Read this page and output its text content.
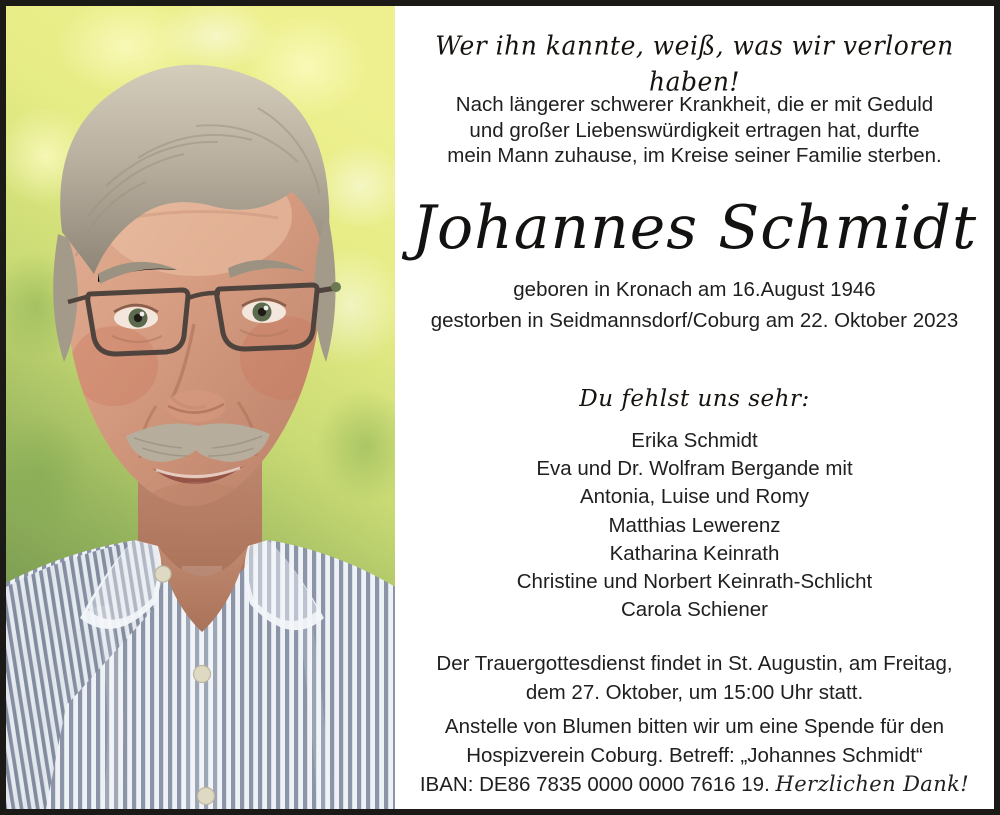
Wer ihn kannte, weiß, was wir verloren haben!
Nach längerer schwerer Krankheit, die er mit Geduld
und großer Liebenswürdigkeit ertragen hat, durfte
mein Mann zuhause, im Kreise seiner Familie sterben.
Johannes Schmidt
geboren in Kronach am 16.August 1946
gestorben in Seidmannsdorf/Coburg am 22. Oktober 2023
Du fehlst uns sehr:
Erika Schmidt
Eva und Dr. Wolfram Bergande mit
Antonia, Luise und Romy
Matthias Lewerenz
Katharina Keinrath
Christine und Norbert Keinrath-Schlicht
Carola Schiener
Der Trauergottesdienst findet in St. Augustin, am Freitag,
dem 27. Oktober, um 15:00 Uhr statt.
Anstelle von Blumen bitten wir um eine Spende für den
Hospizverein Coburg. Betreff: „Johannes Schmidt“
IBAN: DE86 7835 0000 0000 7616 19. Herzlichen Dank!
